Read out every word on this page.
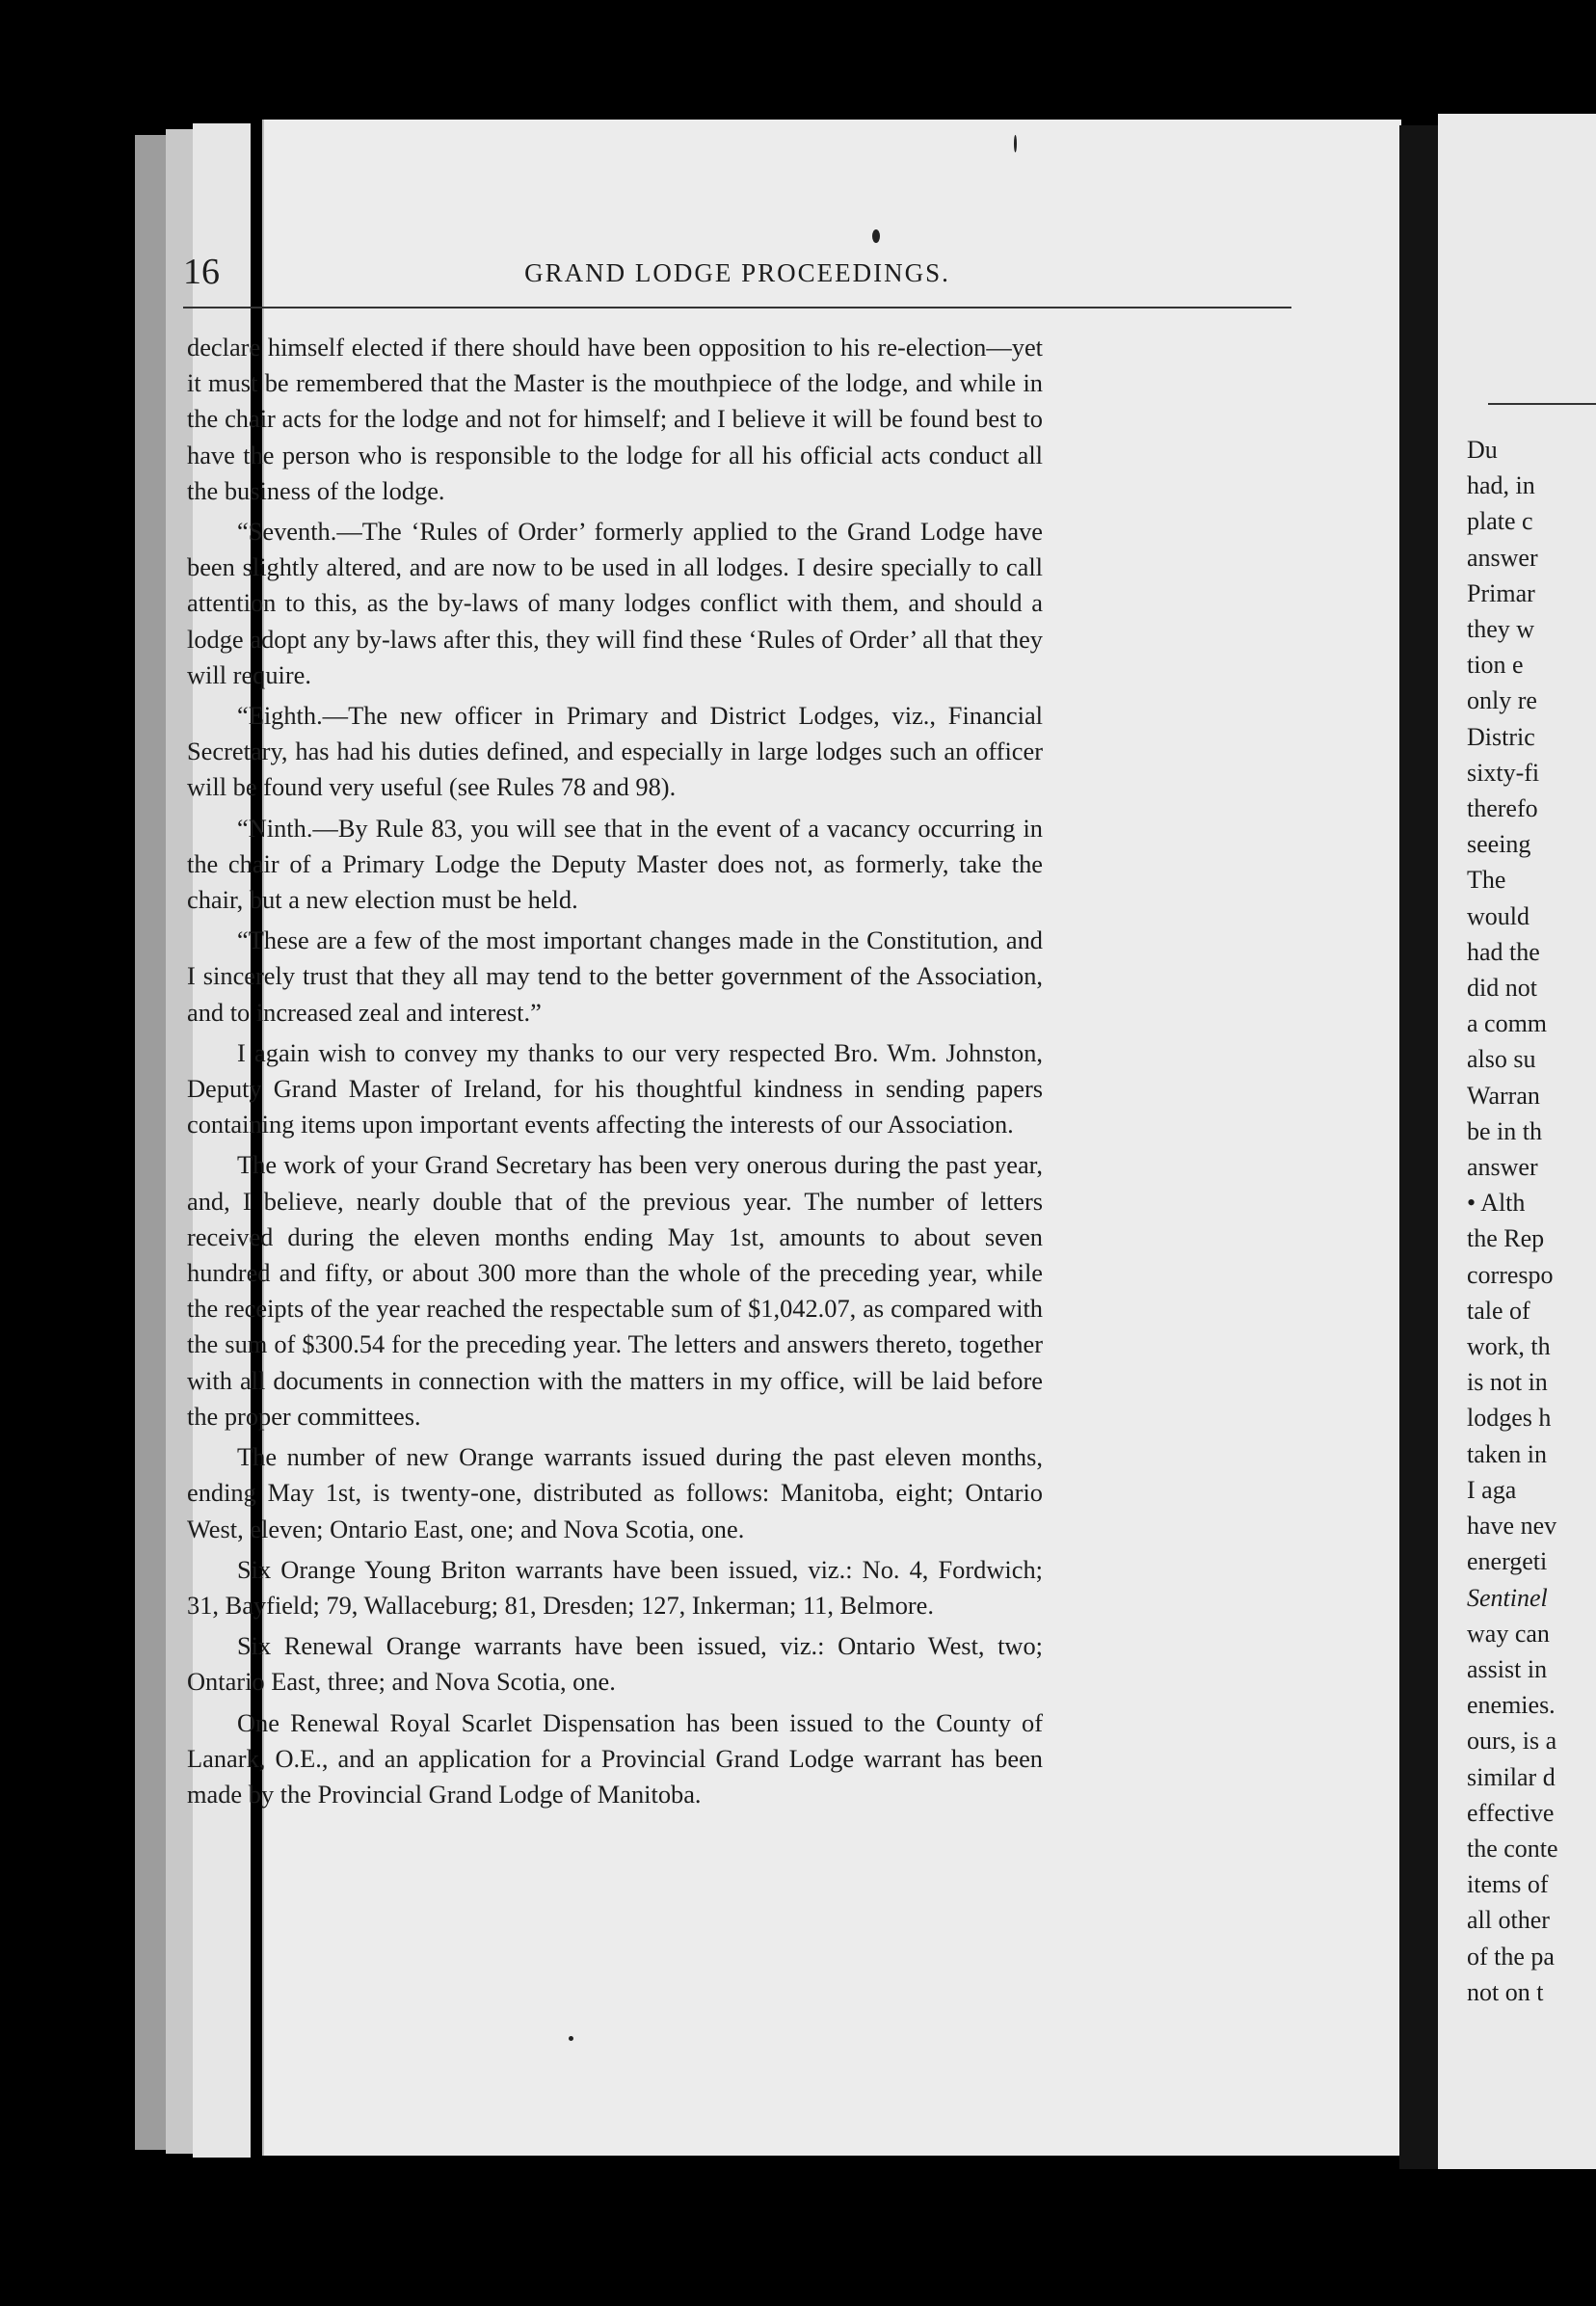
16	GRAND LODGE PROCEEDINGS.

declare himself elected if there should have been opposition to his re-election—yet it must be remembered that the Master is the mouthpiece of the lodge, and while in the chair acts for the lodge and not for himself; and I believe it will be found best to have the person who is responsible to the lodge for all his official acts conduct all the business of the lodge.

“Seventh.—The ‘Rules of Order’ formerly applied to the Grand Lodge have been slightly altered, and are now to be used in all lodges. I desire specially to call attention to this, as the by-laws of many lodges conflict with them, and should a lodge adopt any by-laws after this, they will find these ‘Rules of Order’ all that they will require.

“Eighth.—The new officer in Primary and District Lodges, viz., Financial Secretary, has had his duties defined, and especially in large lodges such an officer will be found very useful (see Rules 78 and 98).

“Ninth.—By Rule 83, you will see that in the event of a vacancy occurring in the chair of a Primary Lodge the Deputy Master does not, as formerly, take the chair, but a new election must be held.

“These are a few of the most important changes made in the Constitution, and I sincerely trust that they all may tend to the better government of the Association, and to increased zeal and interest.”

I again wish to convey my thanks to our very respected Bro. Wm. Johnston, Deputy Grand Master of Ireland, for his thoughtful kindness in sending papers containing items upon important events affecting the interests of our Association.

The work of your Grand Secretary has been very onerous during the past year, and, I believe, nearly double that of the previous year. The number of letters received during the eleven months ending May 1st, amounts to about seven hundred and fifty, or about 300 more than the whole of the preceding year, while the receipts of the year reached the respectable sum of $1,042.07, as compared with the sum of $300.54 for the preceding year. The letters and answers thereto, together with all documents in connection with the matters in my office, will be laid before the proper committees.

The number of new Orange warrants issued during the past eleven months, ending May 1st, is twenty-one, distributed as follows: Manitoba, eight; Ontario West, eleven; Ontario East, one; and Nova Scotia, one.

Six Orange Young Briton warrants have been issued, viz.: No. 4, Fordwich; 31, Bayfield; 79, Wallaceburg; 81, Dresden; 127, Inkerman; 11, Belmore.

Six Renewal Orange warrants have been issued, viz.: Ontario West, two; Ontario East, three; and Nova Scotia, one.

One Renewal Royal Scarlet Dispensation has been issued to the County of Lanark, O.E., and an application for a Provincial Grand Lodge warrant has been made by the Provincial Grand Lodge of Manitoba.

Du
had, in
plate c
answer
Primar
they w
tion e
only re
Distric
sixty-fi
therefo
seeing
The
would
had the
did not
a comm
also su
Warran
be in th
answer
• Alth
the Rep
correspo
tale of
work, th
is not in
lodges h
taken in
I aga
have nev
energeti
Sentinel
way can
assist in
enemies.
ours, is a
similar d
effective
the conte
items of
all other
of the pa
not on t
